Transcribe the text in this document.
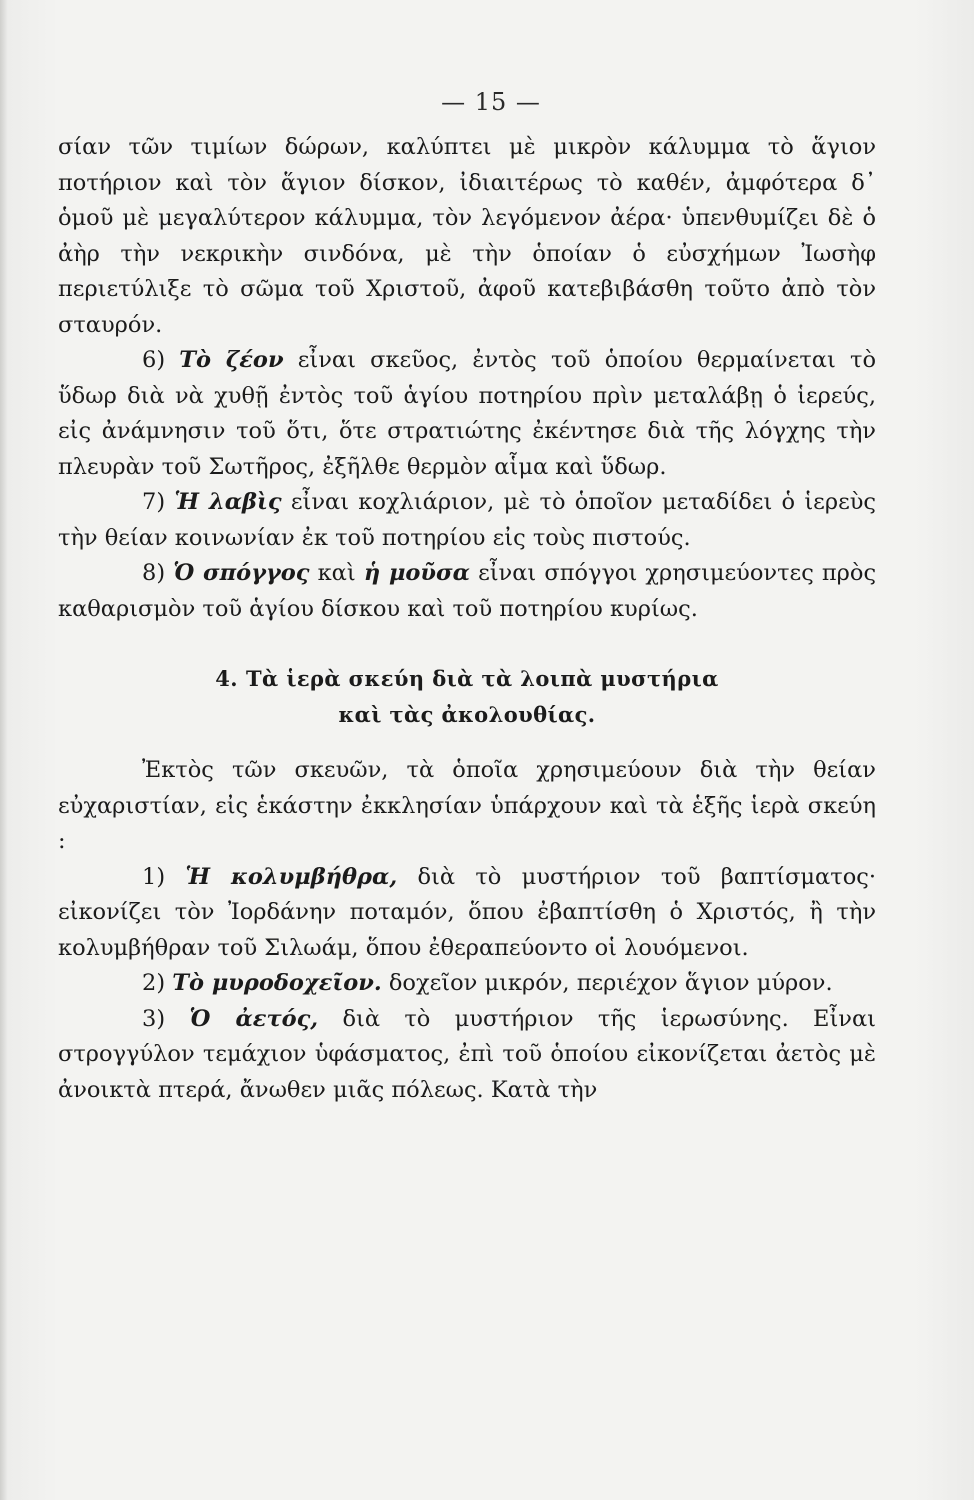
— 15 —

σίαν τῶν τιμίων δώρων, καλύπτει μὲ μικρὸν κάλυμμα τὸ ἅγιον ποτήριον καὶ τὸν ἅγιον δίσκον, ἰδιαιτέρως τὸ καθέν, ἀμφότερα δ᾽ ὁμοῦ μὲ μεγαλύτερον κάλυμμα, τὸν λεγόμενον ἀέρα· ὑπενθυμίζει δὲ ὁ ἀὴρ τὴν νεκρικὴν σινδόνα, μὲ τὴν ὁποίαν ὁ εὐσχήμων Ἰωσὴφ περιετύλιξε τὸ σῶμα τοῦ Χριστοῦ, ἀφοῦ κατεβιβάσθη τοῦτο ἀπὸ τὸν σταυρόν.

6) Τὸ ζέον εἶναι σκεῦος, ἐντὸς τοῦ ὁποίου θερμαίνεται τὸ ὕδωρ διὰ νὰ χυθῇ ἐντὸς τοῦ ἁγίου ποτηρίου πρὶν μεταλάβῃ ὁ ἱερεύς, εἰς ἀνάμνησιν τοῦ ὅτι, ὅτε στρατιώτης ἐκέντησε διὰ τῆς λόγχης τὴν πλευρὰν τοῦ Σωτῆρος, ἐξῆλθε θερμὸν αἷμα καὶ ὕδωρ.

7) Ἡ λαβὶς εἶναι κοχλιάριον, μὲ τὸ ὁποῖον μεταδίδει ὁ ἱερεὺς τὴν θείαν κοινωνίαν ἐκ τοῦ ποτηρίου εἰς τοὺς πιστούς.

8) Ὁ σπόγγος καὶ ἡ μοῦσα εἶναι σπόγγοι χρησιμεύοντες πρὸς καθαρισμὸν τοῦ ἁγίου δίσκου καὶ τοῦ ποτηρίου κυρίως.

4. Τὰ ἱερὰ σκεύη διὰ τὰ λοιπὰ μυστήρια
καὶ τὰς ἀκολουθίας.

Ἐκτὸς τῶν σκευῶν, τὰ ὁποῖα χρησιμεύουν διὰ τὴν θείαν εὐχαριστίαν, εἰς ἑκάστην ἐκκλησίαν ὑπάρχουν καὶ τὰ ἑξῆς ἱερὰ σκεύη :

1) Ἡ κολυμβήθρα, διὰ τὸ μυστήριον τοῦ βαπτίσματος· εἰκονίζει τὸν Ἰορδάνην ποταμόν, ὅπου ἐβαπτίσθη ὁ Χριστός, ἢ τὴν κολυμβήθραν τοῦ Σιλωάμ, ὅπου ἐθεραπεύοντο οἱ λουόμενοι.

2) Τὸ μυροδοχεῖον. δοχεῖον μικρόν, περιέχον ἅγιον μύρον.

3) Ὁ ἀετός, διὰ τὸ μυστήριον τῆς ἱερωσύνης. Εἶναι στρογγύλον τεμάχιον ὑφάσματος, ἐπὶ τοῦ ὁποίου εἰκονίζεται ἀετὸς μὲ ἀνοικτὰ πτερά, ἄνωθεν μιᾶς πόλεως. Κατὰ τὴν
